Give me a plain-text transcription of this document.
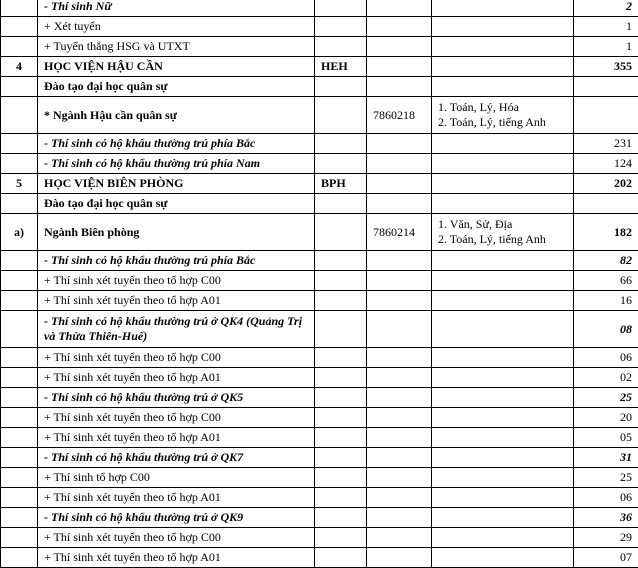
	- Thí sinh Nữ				2
	+ Xét tuyển				1
	+ Tuyển thẳng HSG và UTXT				1
4	HỌC VIỆN HẬU CẦN	HEH			355
	Đào tạo đại học quân sự				
	* Ngành Hậu cần quân sự		7860218	1. Toán, Lý, Hóa
2. Toán, Lý, tiếng Anh	

	- Thí sinh có hộ khẩu thường trú phía Bắc				231
	- Thí sinh có hộ khẩu thường trú phía Nam				124
5	HỌC VIỆN BIÊN PHÒNG	BPH			202
	Đào tạo đại học quân sự				
a)	Ngành Biên phòng		7860214	1. Văn, Sử, Địa
2. Toán, Lý, tiếng Anh	182
	- Thí sinh có hộ khẩu thường trú phía Bắc				82
	+ Thí sinh xét tuyển theo tổ hợp C00				66
	+ Thí sinh xét tuyển theo tổ hợp A01				16
	- Thí sinh có hộ khẩu thường trú ở QK4 (Quảng Trị và Thừa Thiên-Huế)				08
	+ Thí sinh xét tuyển theo tổ hợp C00				06
	+ Thí sinh xét tuyển theo tổ hợp A01				02
	- Thí sinh có hộ khẩu thường trú ở QK5				25
	+ Thí sinh xét tuyển theo tổ hợp C00				20
	+ Thí sinh xét tuyển theo tổ hợp A01				05
	- Thí sinh có hộ khẩu thường trú ở QK7				31
	+ Thí sinh tổ hợp C00				25
	+ Thí sinh xét tuyển theo tổ hợp A01				06
	- Thí sinh có hộ khẩu thường trú ở QK9				36
	+ Thí sinh xét tuyển theo tổ hợp C00				29
	+ Thí sinh xét tuyển theo tổ hợp A01				07
